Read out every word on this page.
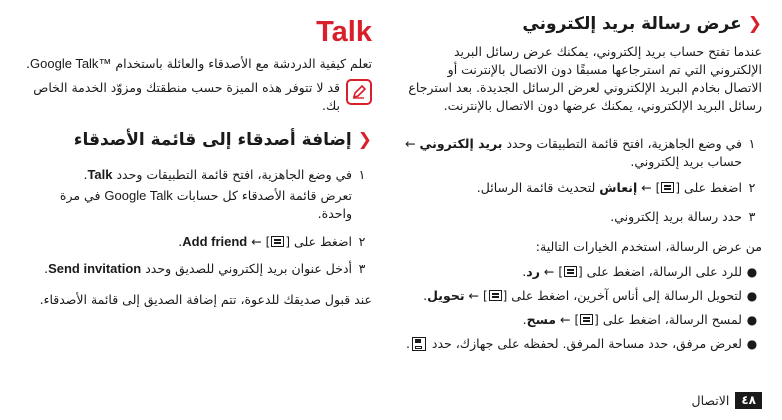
❮
عرض رسالة بريد إلكتروني
عندما تفتح حساب بريد إلكتروني، يمكنك عرض رسائل البريد
الإلكتروني التي تم استرجاعها مسبقًا دون الاتصال بالإنترنت أو
الاتصال بخادم البريد الإلكتروني لعرض الرسائل الجديدة. بعد استرجاع
رسائل البريد الإلكتروني، يمكنك عرضها دون الاتصال بالإنترنت.
١
في وضع الجاهزية، افتح قائمة التطبيقات وحدد بريد إلكتروني ←
حساب بريد إلكتروني.
٢
اضغط على [ ] ← إنعاش لتحديث قائمة الرسائل.
٣
حدد رسالة بريد إلكتروني.
من عرض الرسالة، استخدم الخيارات التالية:
●
للرد على الرسالة، اضغط على [ ] ← رد.
●
لتحويل الرسالة إلى أناس آخرين، اضغط على [ ] ← تحويل.
●
لمسح الرسالة، اضغط على [ ] ← مسح.
●
لعرض مرفق، حدد مساحة المرفق. لحفظه على جهازك، حدد .
Talk
تعلم كيفية الدردشة مع الأصدقاء والعائلة باستخدام Google Talk™.
قد لا تتوفر هذه الميزة حسب منطقتك ومزوّد الخدمة الخاص
بك.
❮
إضافة أصدقاء إلى قائمة الأصدقاء
١
في وضع الجاهزية، افتح قائمة التطبيقات وحدد Talk.
تعرض قائمة الأصدقاء كل حسابات Google Talk في مرة
واحدة.
٢
اضغط على [ ] ← Add friend.
٣
أدخل عنوان بريد إلكتروني للصديق وحدد Send invitation.
عند قبول صديقك للدعوة، تتم إضافة الصديق إلى قائمة الأصدقاء.
٤٨
الاتصال
